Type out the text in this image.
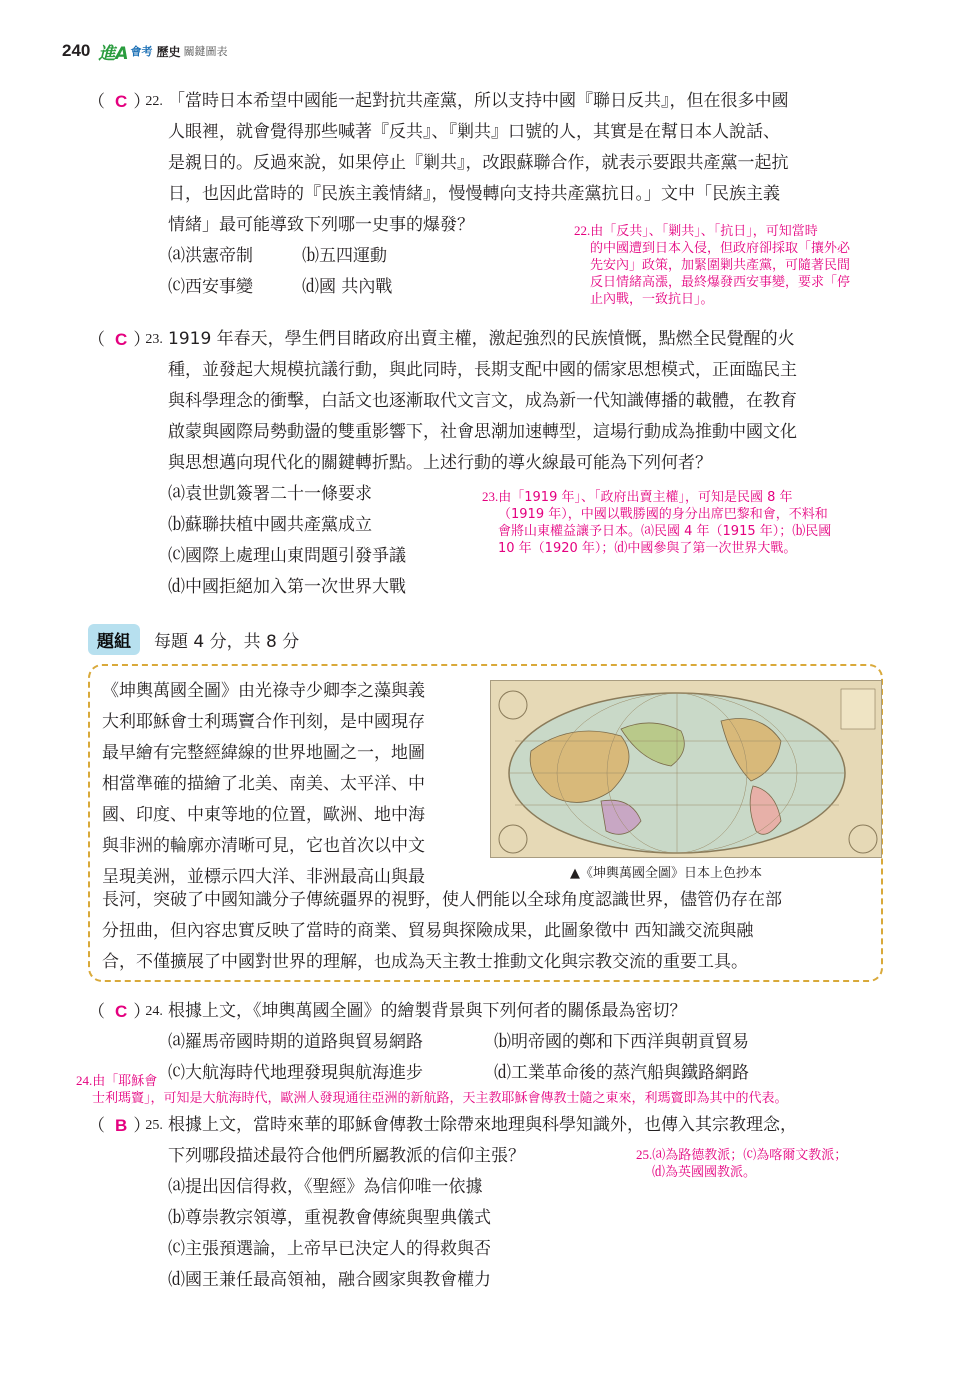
240 進A 會考 歷史 關鍵圖表
（ C ）
22. 「當時日本希望中國能一起對抗共產黨，所以支持中國『聯日反共』，但在很多中國
人眼裡，就會覺得那些喊著『反共』、『剿共』口號的人，其實是在幫日本人說話、
是親日的。反過來說，如果停止『剿共』，改跟蘇聯合作，就表示要跟共產黨一起抗
日，也因此當時的『民族主義情緒』，慢慢轉向支持共產黨抗日。」文中「民族主義
情緒」最可能導致下列哪一史事的爆發？
⒜洪憲帝制	⒝五四運動
⒞西安事變	⒟國 共內戰
22.由「反共」、「剿共」、「抗日」，可知當時
的中國遭到日本入侵，但政府卻採取「攘外必
先安內」政策，加緊圍剿共產黨，可隨著民間
反日情緒高漲，最終爆發西安事變，要求「停
止內戰，一致抗日」。
（ C ）
23. 1919 年春天，學生們目睹政府出賣主權，激起強烈的民族憤慨，點燃全民覺醒的火
種，並發起大規模抗議行動，與此同時，長期支配中國的儒家思想模式，正面臨民主
與科學理念的衝擊，白話文也逐漸取代文言文，成為新一代知識傳播的載體，在教育
啟蒙與國際局勢動盪的雙重影響下，社會思潮加速轉型，這場行動成為推動中國文化
與思想邁向現代化的關鍵轉折點。上述行動的導火線最可能為下列何者？
⒜袁世凱簽署二十一條要求
⒝蘇聯扶植中國共產黨成立
⒞國際上處理山東問題引發爭議
⒟中國拒絕加入第一次世界大戰
23.由「1919 年」、「政府出賣主權」，可知是民國 8 年
（1919 年），中國以戰勝國的身分出席巴黎和會，不料和
會將山東權益讓予日本。⒜民國 4 年（1915 年）；⒝民國
10 年（1920 年）；⒟中國參與了第一次世界大戰。
題組	每題 4 分，共 8 分
《坤輿萬國全圖》由光祿寺少卿李之藻與義
大利耶穌會士利瑪竇合作刊刻，是中國現存
最早繪有完整經緯線的世界地圖之一，地圖
相當準確的描繪了北美、南美、太平洋、中
國、印度、中東等地的位置，歐洲、地中海
與非洲的輪廓亦清晰可見，它也首次以中文
呈現美洲，並標示四大洋、非洲最高山與最
長河，突破了中國知識分子傳統疆界的視野，使人們能以全球角度認識世界，儘管仍存在部
分扭曲，但內容忠實反映了當時的商業、貿易與探險成果，此圖象徵中 西知識交流與融
合，不僅擴展了中國對世界的理解，也成為天主教士推動文化與宗教交流的重要工具。
▲《坤輿萬國全圖》日本上色抄本
（ C ）
24. 根據上文，《坤輿萬國全圖》的繪製背景與下列何者的關係最為密切？
⒜羅馬帝國時期的道路與貿易網路	⒝明帝國的鄭和下西洋與朝貢貿易
⒞大航海時代地理發現與航海進步	⒟工業革命後的蒸汽船與鐵路網路
24.由「耶穌會
士利瑪竇」，可知是大航海時代，歐洲人發現通往亞洲的新航路，天主教耶穌會傳教士隨之東來，利瑪竇即為其中的代表。
（ B ）
25. 根據上文，當時來華的耶穌會傳教士除帶來地理與科學知識外，也傳入其宗教理念，
下列哪段描述最符合他們所屬教派的信仰主張？
⒜提出因信得救，《聖經》為信仰唯一依據
⒝尊崇教宗領導，重視教會傳統與聖典儀式
⒞主張預選論，上帝早已決定人的得救與否
⒟國王兼任最高領袖，融合國家與教會權力
25.⒜為路德教派；⒞為喀爾文教派；
⒟為英國國教派。
